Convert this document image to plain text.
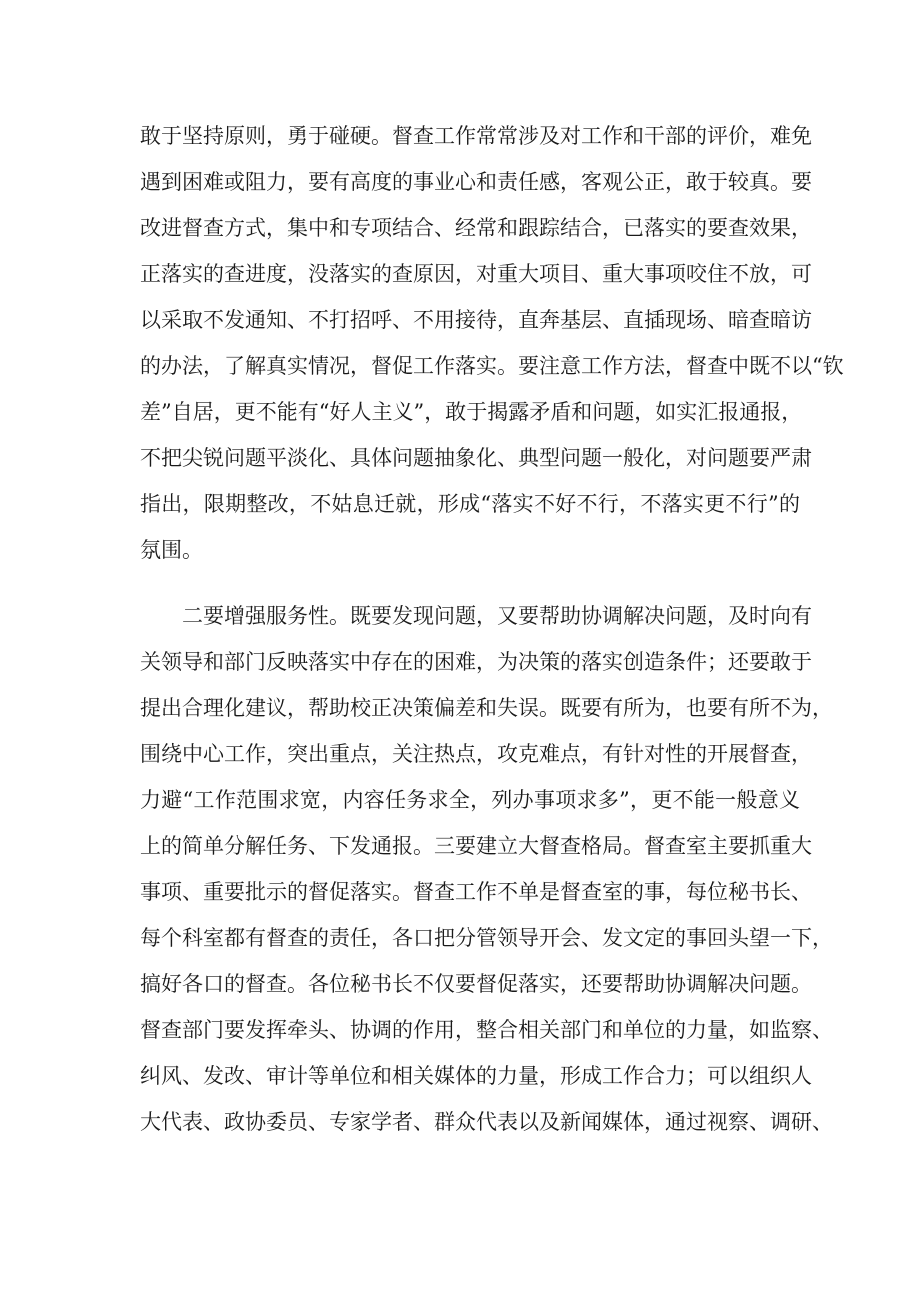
敢于坚持原则，勇于碰硬。督查工作常常涉及对工作和干部的评价，难免
遇到困难或阻力，要有高度的事业心和责任感，客观公正，敢于较真。要
改进督查方式，集中和专项结合、经常和跟踪结合，已落实的要查效果，
正落实的查进度，没落实的查原因，对重大项目、重大事项咬住不放，可
以采取不发通知、不打招呼、不用接待，直奔基层、直插现场、暗查暗访
的办法，了解真实情况，督促工作落实。要注意工作方法，督查中既不以“钦
差”自居，更不能有“好人主义”，敢于揭露矛盾和问题，如实汇报通报，
不把尖锐问题平淡化、具体问题抽象化、典型问题一般化，对问题要严肃
指出，限期整改，不姑息迁就，形成“落实不好不行，不落实更不行”的
氛围。
二要增强服务性。既要发现问题，又要帮助协调解决问题，及时向有
关领导和部门反映落实中存在的困难，为决策的落实创造条件；还要敢于
提出合理化建议，帮助校正决策偏差和失误。既要有所为，也要有所不为，
围绕中心工作，突出重点，关注热点，攻克难点，有针对性的开展督查，
力避“工作范围求宽，内容任务求全，列办事项求多”，更不能一般意义
上的简单分解任务、下发通报。三要建立大督查格局。督查室主要抓重大
事项、重要批示的督促落实。督查工作不单是督查室的事，每位秘书长、
每个科室都有督查的责任，各口把分管领导开会、发文定的事回头望一下，
搞好各口的督查。各位秘书长不仅要督促落实，还要帮助协调解决问题。
督查部门要发挥牵头、协调的作用，整合相关部门和单位的力量，如监察、
纠风、发改、审计等单位和相关媒体的力量，形成工作合力；可以组织人
大代表、政协委员、专家学者、群众代表以及新闻媒体，通过视察、调研、
